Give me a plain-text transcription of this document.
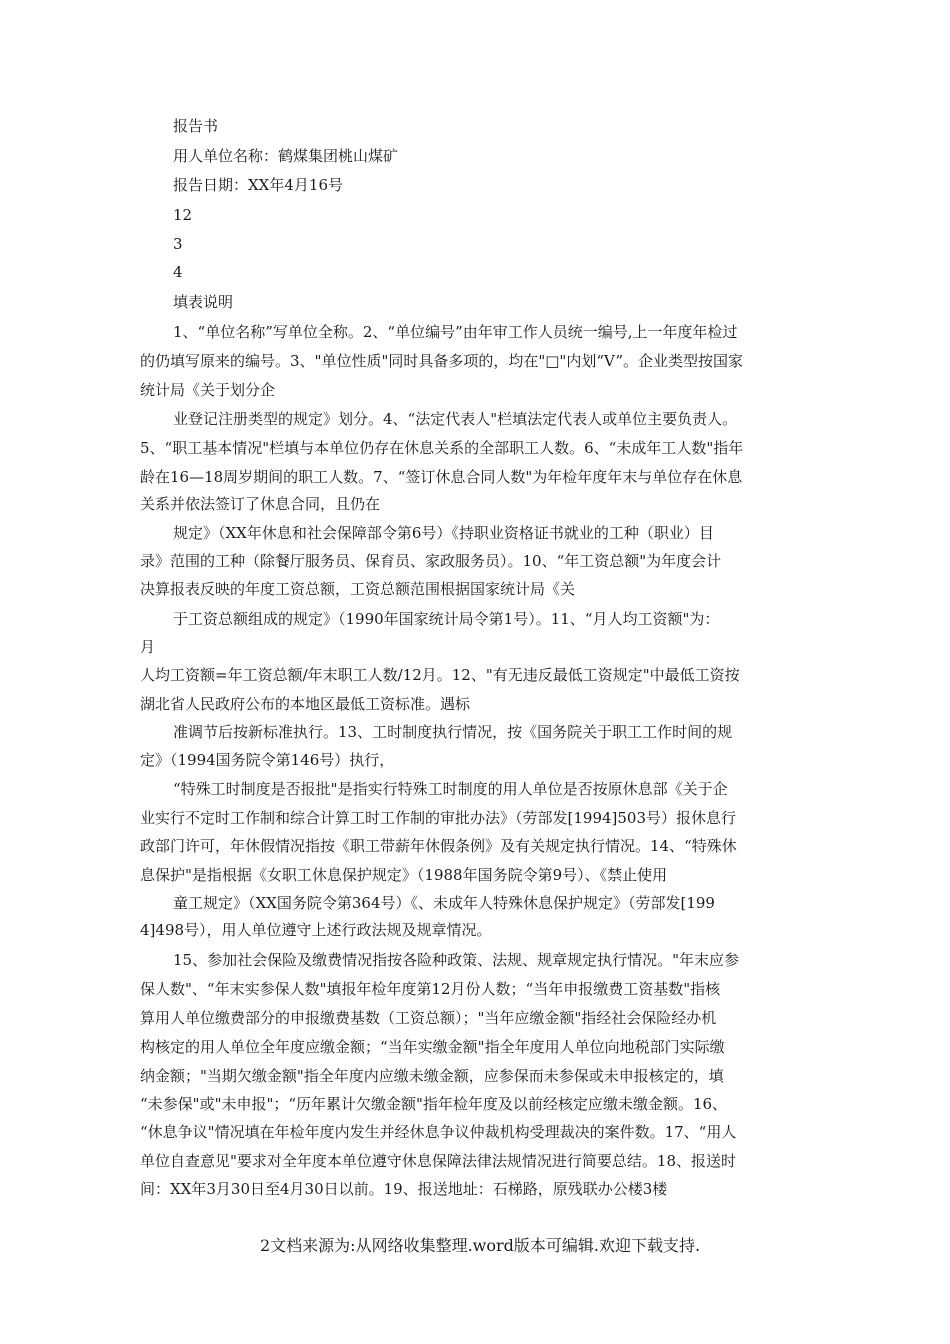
报告书
用人单位名称：鹤煤集团桃山煤矿
报告日期：XX年4月16号
12
3
4
填表说明
1、“单位名称”写单位全称。2、“单位编号”由年审工作人员统一编号,上一年度年检过
的仍填写原来的编号。3、"单位性质"同时具备多项的，均在"□"内划“V”。企业类型按国家
统计局《关于划分企
业登记注册类型的规定》划分。4、“法定代表人"栏填法定代表人或单位主要负责人。
5、“职工基本情况"栏填与本单位仍存在休息关系的全部职工人数。6、“未成年工人数"指年
龄在16—18周岁期间的职工人数。7、“签订休息合同人数"为年检年度年末与单位存在休息
关系并依法签订了休息合同，且仍在
规定》（XX年休息和社会保障部令第6号）《持职业资格证书就业的工种（职业）目
录》范围的工种（除餐厅服务员、保育员、家政服务员）。10、“年工资总额"为年度会计
决算报表反映的年度工资总额，工资总额范围根据国家统计局《关
于工资总额组成的规定》（1990年国家统计局令第1号）。11、“月人均工资额"为：
月
人均工资额=年工资总额/年末职工人数/12月。12、"有无违反最低工资规定"中最低工资按
湖北省人民政府公布的本地区最低工资标准。遇标
准调节后按新标准执行。13、工时制度执行情况，按《国务院关于职工工作时间的规
定》（1994国务院令第146号）执行，
“特殊工时制度是否报批"是指实行特殊工时制度的用人单位是否按原休息部《关于企
业实行不定时工作制和综合计算工时工作制的审批办法》（劳部发[1994]503号）报休息行
政部门许可，年休假情况指按《职工带薪年休假条例》及有关规定执行情况。14、“特殊休
息保护"是指根据《女职工休息保护规定》（1988年国务院令第9号）、《禁止使用
童工规定》（XX国务院令第364号）《、未成年人特殊休息保护规定》（劳部发[199
4]498号），用人单位遵守上述行政法规及规章情况。
15、参加社会保险及缴费情况指按各险种政策、法规、规章规定执行情况。"年末应参
保人数"、“年末实参保人数"填报年检年度第12月份人数；“当年申报缴费工资基数"指核
算用人单位缴费部分的申报缴费基数（工资总额）；"当年应缴金额"指经社会保险经办机
构核定的用人单位全年度应缴金额；“当年实缴金额"指全年度用人单位向地税部门实际缴
纳金额；"当期欠缴金额"指全年度内应缴未缴金额，应参保而未参保或未申报核定的，填
“未参保"或"未申报"；“历年累计欠缴金额"指年检年度及以前经核定应缴未缴金额。16、
“休息争议"情况填在年检年度内发生并经休息争议仲裁机构受理裁决的案件数。17、“用人
单位自查意见"要求对全年度本单位遵守休息保障法律法规情况进行简要总结。18、报送时
间：XX年3月30日至4月30日以前。19、报送地址：石梯路，原残联办公楼3楼
2文档来源为:从网络收集整理.word版本可编辑.欢迎下载支持.
